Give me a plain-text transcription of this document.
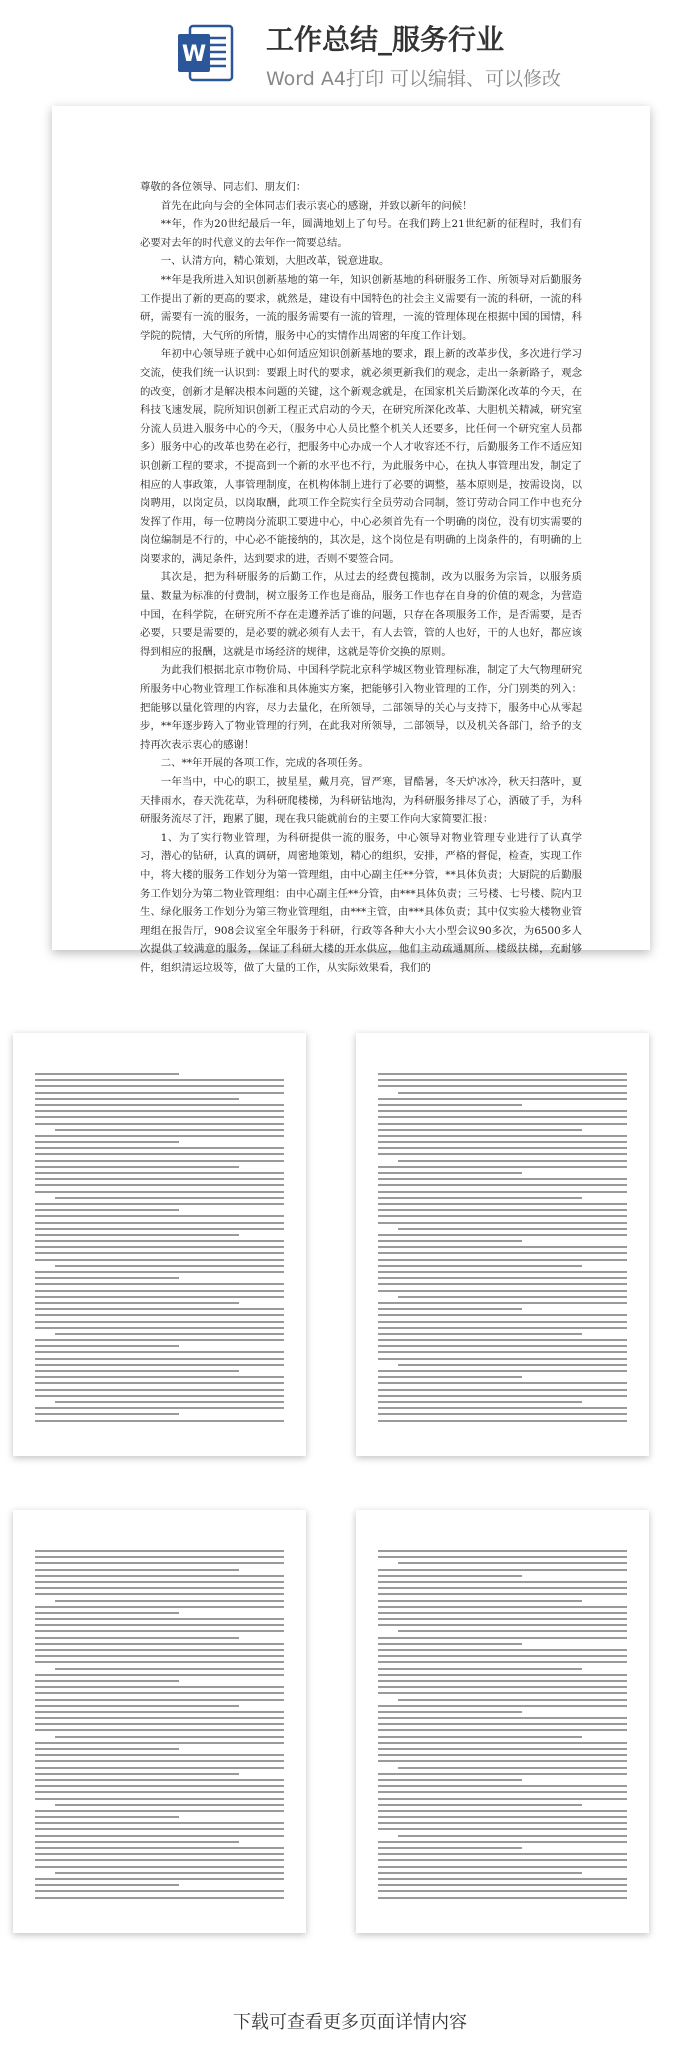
W 工作总结_服务行业
Word A4打印 可以编辑、可以修改

尊敬的各位领导、同志们、朋友们：

首先在此向与会的全体同志们表示衷心的感谢，并致以新年的问候！

**年，作为20世纪最后一年，圆满地划上了句号。在我们跨上21世纪新的征程时，我们有必要对去年的时代意义的去年作一简要总结。

一、认清方向，精心策划，大胆改革，锐意进取。

**年是我所进入知识创新基地的第一年，知识创新基地的科研服务工作、所领导对后勤服务工作提出了新的更高的要求，就然是，建设有中国特色的社会主义需要有一流的科研，一流的科研，需要有一流的服务，一流的服务需要有一流的管理，一流的管理体现在根据中国的国情，科学院的院情，大气所的所情，服务中心的实情作出周密的年度工作计划。

年初中心领导班子就中心如何适应知识创新基地的要求，跟上新的改革步伐，多次进行学习交流，使我们统一认识到：要跟上时代的要求，就必须更新我们的观念，走出一条新路子，观念的改变，创新才是解决根本问题的关键，这个新观念就是，在国家机关后勤深化改革的今天，在科技飞速发展，院所知识创新工程正式启动的今天，在研究所深化改革、大胆机关精减，研究室分流人员进入服务中心的今天，（服务中心人员比整个机关人还要多，比任何一个研究室人员都多）服务中心的改革也势在必行，把服务中心办成一个人才收容还不行，后勤服务工作不适应知识创新工程的要求，不提高到一个新的水平也不行，为此服务中心，在执人事管理出发，制定了相应的人事政策，人事管理制度，在机构体制上进行了必要的调整，基本原则是，按需设岗，以岗聘用，以岗定员，以岗取酬，此项工作全院实行全员劳动合同制，签订劳动合同工作中也充分发挥了作用，每一位聘岗分流职工要进中心，中心必须首先有一个明确的岗位，没有切实需要的岗位编制是不行的，中心必不能接纳的，其次是，这个岗位是有明确的上岗条件的，有明确的上岗要求的，满足条件，达到要求的进，否则不要签合同。

其次是，把为科研服务的后勤工作，从过去的经费包揽制，改为以服务为宗旨，以服务质量、数量为标准的付费制，树立服务工作也是商品，服务工作也存在自身的价值的观念，为营造中国，在科学院，在研究所不存在走遵养活了谁的问题，只存在各项服务工作，是否需要，是否必要，只要是需要的，是必要的就必须有人去干，有人去管，管的人也好，干的人也好，都应该得到相应的报酬，这就是市场经济的规律，这就是等价交换的原则。

为此我们根据北京市物价局、中国科学院北京科学城区物业管理标准，制定了大气物理研究所服务中心物业管理工作标准和具体施实方案，把能够引入物业管理的工作，分门别类的列入：把能够以量化管理的内容，尽力去量化，在所领导，二部领导的关心与支持下，服务中心从零起步，**年逐步跨入了物业管理的行列，在此我对所领导，二部领导，以及机关各部门，给予的支持再次表示衷心的感谢！

二、**年开展的各项工作，完成的各项任务。

一年当中，中心的职工，披星星，戴月亮，冒严寒，冒酷暑，冬天炉冰冷，秋天扫落叶，夏天排雨水，春天洗花草，为科研爬楼梯，为科研钻地沟，为科研服务排尽了心，洒破了手，为科研服务流尽了汗，跑累了腿，现在我只能就前台的主要工作向大家简要汇报：

1、为了实行物业管理，为科研提供一流的服务，中心领导对物业管理专业进行了认真学习，潜心的钻研，认真的调研，周密地策划，精心的组织，安排，严格的督促，检查，实现工作中，将大楼的服务工作划分为第一管理组，由中心副主任**分管，**具体负责；大厨院的后勤服务工作划分为第二物业管理组：由中心副主任**分管，由***具体负责；三号楼、七号楼、院内卫生、绿化服务工作划分为第三物业管理组，由***主管，由***具体负责；其中仅实验大楼物业管理组在报告厅，908会议室全年服务于科研，行政等各种大小大小型会议90多次，为6500多人次提供了较满意的服务，保证了科研大楼的开水供应，他们主动疏通厕所、楼级扶梯，充耐够件，组织清运垃圾等，做了大量的工作，从实际效果看，我们的

下载可查看更多页面详情内容
